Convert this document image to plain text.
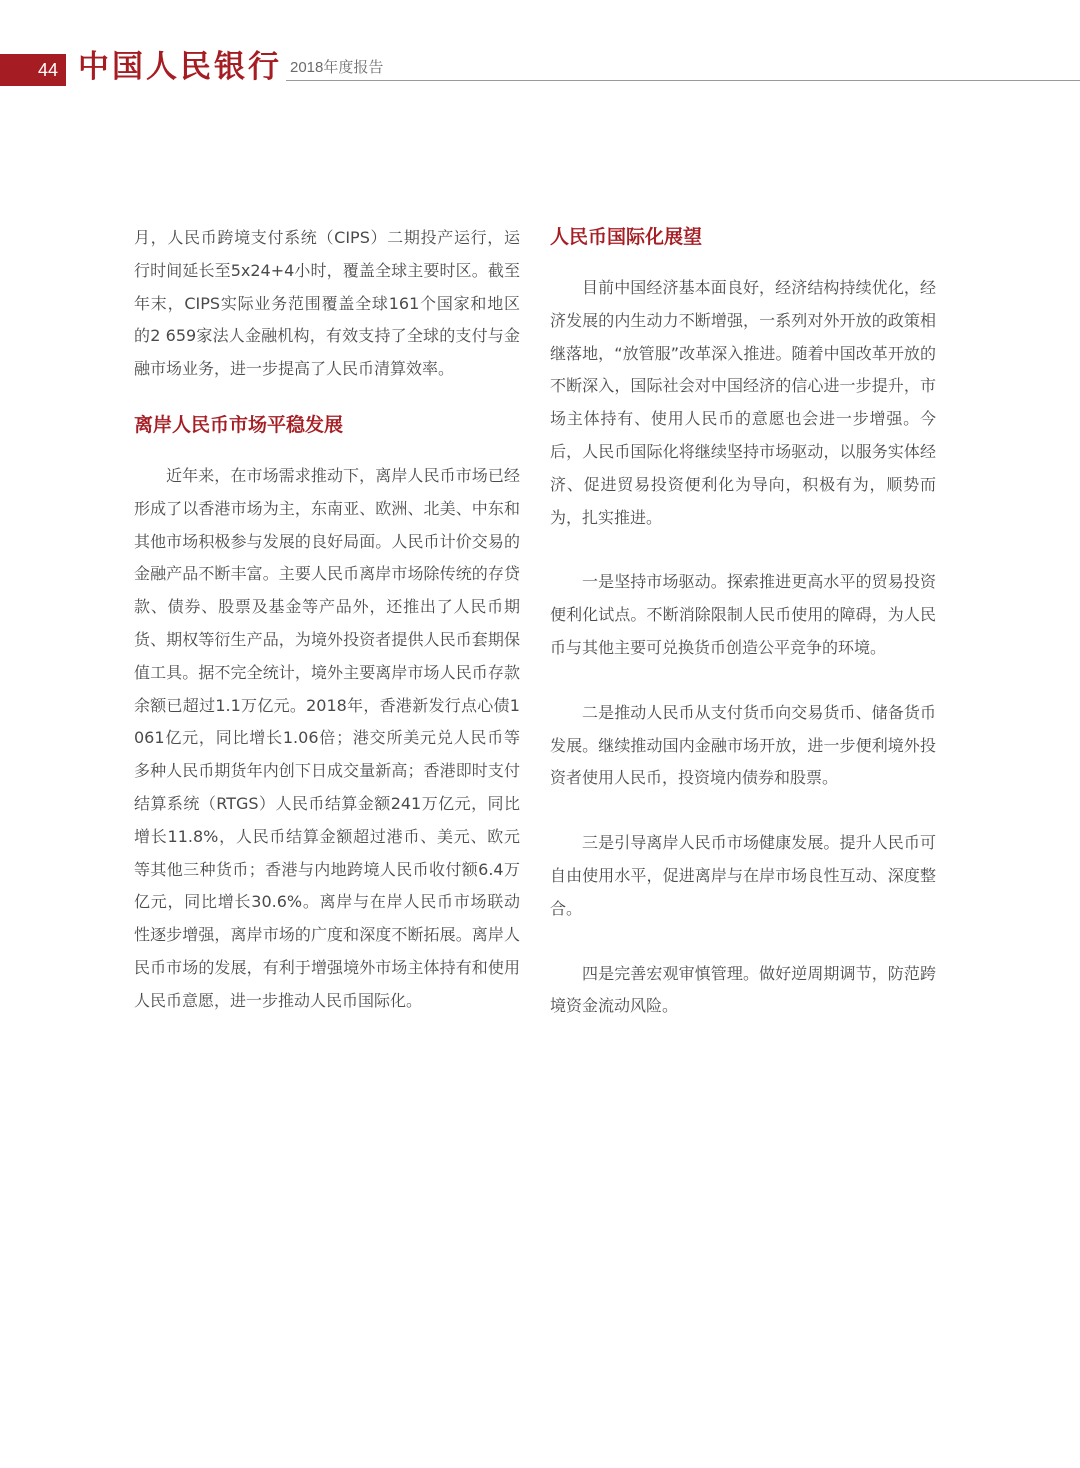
44 中国人民银行 2018年度报告

月，人民币跨境支付系统（CIPS）二期投产运行，运行时间延长至5x24+4小时，覆盖全球主要时区。截至年末，CIPS实际业务范围覆盖全球161个国家和地区的2 659家法人金融机构，有效支持了全球的支付与金融市场业务，进一步提高了人民币清算效率。

离岸人民币市场平稳发展

近年来，在市场需求推动下，离岸人民币市场已经形成了以香港市场为主，东南亚、欧洲、北美、中东和其他市场积极参与发展的良好局面。人民币计价交易的金融产品不断丰富。主要人民币离岸市场除传统的存贷款、债券、股票及基金等产品外，还推出了人民币期货、期权等衍生产品，为境外投资者提供人民币套期保值工具。据不完全统计，境外主要离岸市场人民币存款余额已超过1.1万亿元。2018年，香港新发行点心债1 061亿元，同比增长1.06倍；港交所美元兑人民币等多种人民币期货年内创下日成交量新高；香港即时支付结算系统（RTGS）人民币结算金额241万亿元，同比增长11.8%，人民币结算金额超过港币、美元、欧元等其他三种货币；香港与内地跨境人民币收付额6.4万亿元，同比增长30.6%。离岸与在岸人民币市场联动性逐步增强，离岸市场的广度和深度不断拓展。离岸人民币市场的发展，有利于增强境外市场主体持有和使用人民币意愿，进一步推动人民币国际化。

人民币国际化展望

目前中国经济基本面良好，经济结构持续优化，经济发展的内生动力不断增强，一系列对外开放的政策相继落地，“放管服”改革深入推进。随着中国改革开放的不断深入，国际社会对中国经济的信心进一步提升，市场主体持有、使用人民币的意愿也会进一步增强。今后，人民币国际化将继续坚持市场驱动，以服务实体经济、促进贸易投资便利化为导向，积极有为，顺势而为，扎实推进。

一是坚持市场驱动。探索推进更高水平的贸易投资便利化试点。不断消除限制人民币使用的障碍，为人民币与其他主要可兑换货币创造公平竞争的环境。

二是推动人民币从支付货币向交易货币、储备货币发展。继续推动国内金融市场开放，进一步便利境外投资者使用人民币，投资境内债券和股票。

三是引导离岸人民币市场健康发展。提升人民币可自由使用水平，促进离岸与在岸市场良性互动、深度整合。

四是完善宏观审慎管理。做好逆周期调节，防范跨境资金流动风险。
